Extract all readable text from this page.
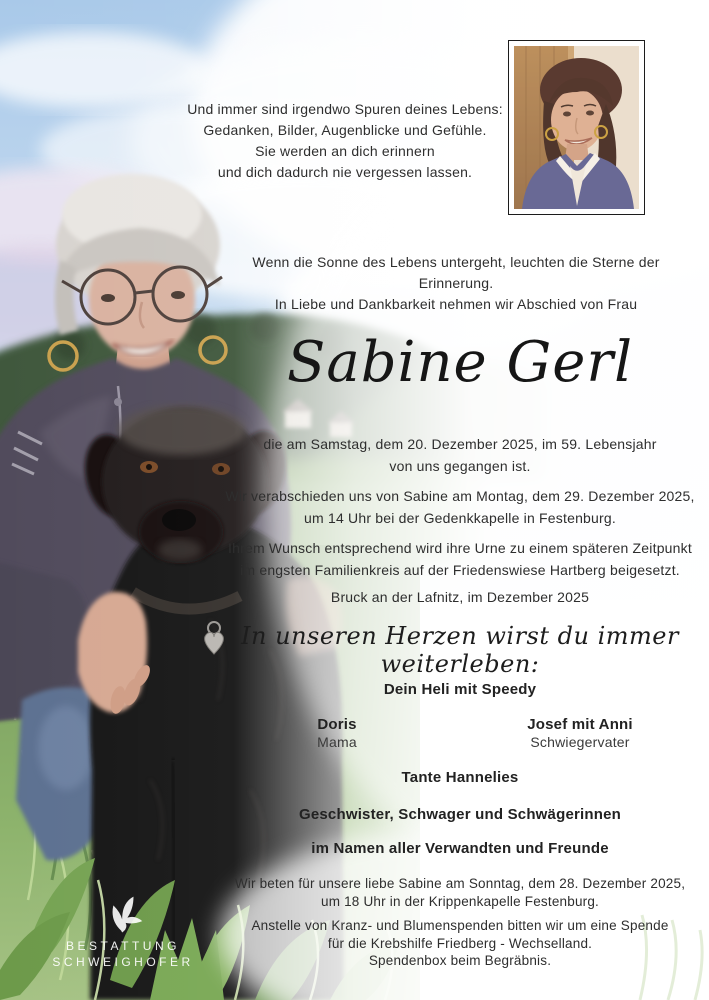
Und immer sind irgendwo Spuren deines Lebens:
Gedanken, Bilder, Augenblicke und Gefühle.
Sie werden an dich erinnern
und dich dadurch nie vergessen lassen.
Wenn die Sonne des Lebens untergeht, leuchten die Sterne der Erinnerung.
In Liebe und Dankbarkeit nehmen wir Abschied von Frau
Sabine Gerl
die am Samstag, dem 20. Dezember 2025, im 59. Lebensjahr
von uns gegangen ist.
Wir verabschieden uns von Sabine am Montag, dem 29. Dezember 2025,
um 14 Uhr bei der Gedenkkapelle in Festenburg.
Ihrem Wunsch entsprechend wird ihre Urne zu einem späteren Zeitpunkt
im engsten Familienkreis auf der Friedenswiese Hartberg beigesetzt.
Bruck an der Lafnitz, im Dezember 2025
In unseren Herzen wirst du immer weiterleben:
Dein Heli mit Speedy
Doris
Mama
Josef mit Anni
Schwiegervater
Tante Hannelies
Geschwister, Schwager und Schwägerinnen
im Namen aller Verwandten und Freunde
Wir beten für unsere liebe Sabine am Sonntag, dem 28. Dezember 2025,
um 18 Uhr in der Krippenkapelle Festenburg.
Anstelle von Kranz- und Blumenspenden bitten wir um eine Spende
für die Krebshilfe Friedberg - Wechselland.
Spendenbox beim Begräbnis.
BESTATTUNG
SCHWEIGHOFER
